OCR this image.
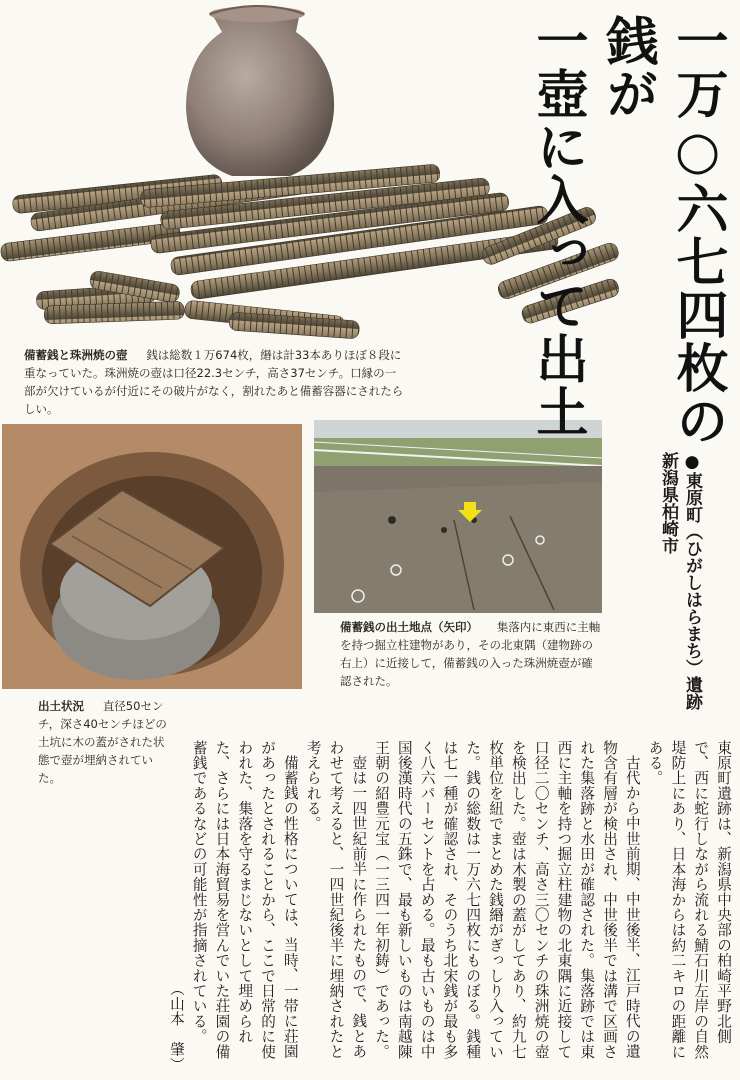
備蓄銭と珠洲焼の壺 　 銭は総数１万674枚，緡は計33本ありほぼ８段に重なっていた。珠洲焼の壺は口径22.3センチ，高さ37センチ。口縁の一部が欠けているが付近にその破片がなく，割れたあと備蓄容器にされたらしい。
備蓄銭の出土地点（矢印） 　 集落内に東西に主軸を持つ掘立柱建物があり，その北東隅（建物跡の右上）に近接して，備蓄銭の入った珠洲焼壺が確認された。
出土状況 　 直径50センチ，深さ40センチほどの土坑に木の蓋がされた状態で壺が埋納されていた。
一万○六七四枚の銭が
一壺に入って出土
●東原町（ひがしはらまち）遺跡
新潟県柏崎市

東原町遺跡は、新潟県中央部の柏崎平野北側で、西に蛇行しながら流れる鯖石川左岸の自然堤防上にあり、日本海からは約二キロの距離にある。

古代から中世前期、中世後半、江戸時代の遺物含有層が検出され、中世後半では溝で区画された集落跡と水田が確認された。集落跡では東西に主軸を持つ掘立柱建物の北東隅に近接して口径二〇センチ、高さ三〇センチの珠洲焼の壺を検出した。壺は木製の蓋がしてあり、約九七枚単位を紐でまとめた銭緡がぎっしり入っていた。銭の総数は一万六七四枚にものぼる。銭種は七一種が確認され、そのうち北宋銭が最も多く八六パーセントを占める。最も古いものは中国後漢時代の五銖で、最も新しいものは南越陳王朝の紹豊元宝（一三四一年初鋳）であった。

壺は一四世紀前半に作られたもので、銭とあわせて考えると、一四世紀後半に埋納されたと考えられる。

備蓄銭の性格については、当時、一帯に荘園があったとされることから、ここで日常的に使われた、集落を守るまじないとして埋められた、さらには日本海貿易を営んでいた荘園の備蓄銭であるなどの可能性が指摘されている。

（山本　肇）
